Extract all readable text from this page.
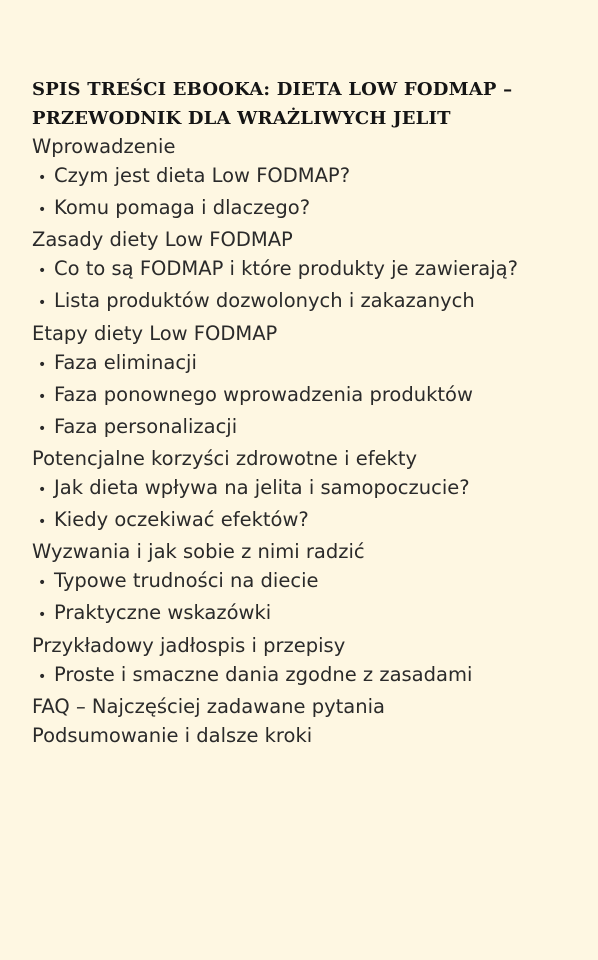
SPIS TREŚCI EBOOKA: DIETA LOW FODMAP – PRZEWODNIK DLA WRAŻLIWYCH JELIT
Wprowadzenie
• Czym jest dieta Low FODMAP?
• Komu pomaga i dlaczego?
Zasady diety Low FODMAP
• Co to są FODMAP i które produkty je zawierają?
• Lista produktów dozwolonych i zakazanych
Etapy diety Low FODMAP
• Faza eliminacji
• Faza ponownego wprowadzenia produktów
• Faza personalizacji
Potencjalne korzyści zdrowotne i efekty
• Jak dieta wpływa na jelita i samopoczucie?
• Kiedy oczekiwać efektów?
Wyzwania i jak sobie z nimi radzić
• Typowe trudności na diecie
• Praktyczne wskazówki
Przykładowy jadłospis i przepisy
• Proste i smaczne dania zgodne z zasadami
FAQ – Najczęściej zadawane pytania
Podsumowanie i dalsze kroki
